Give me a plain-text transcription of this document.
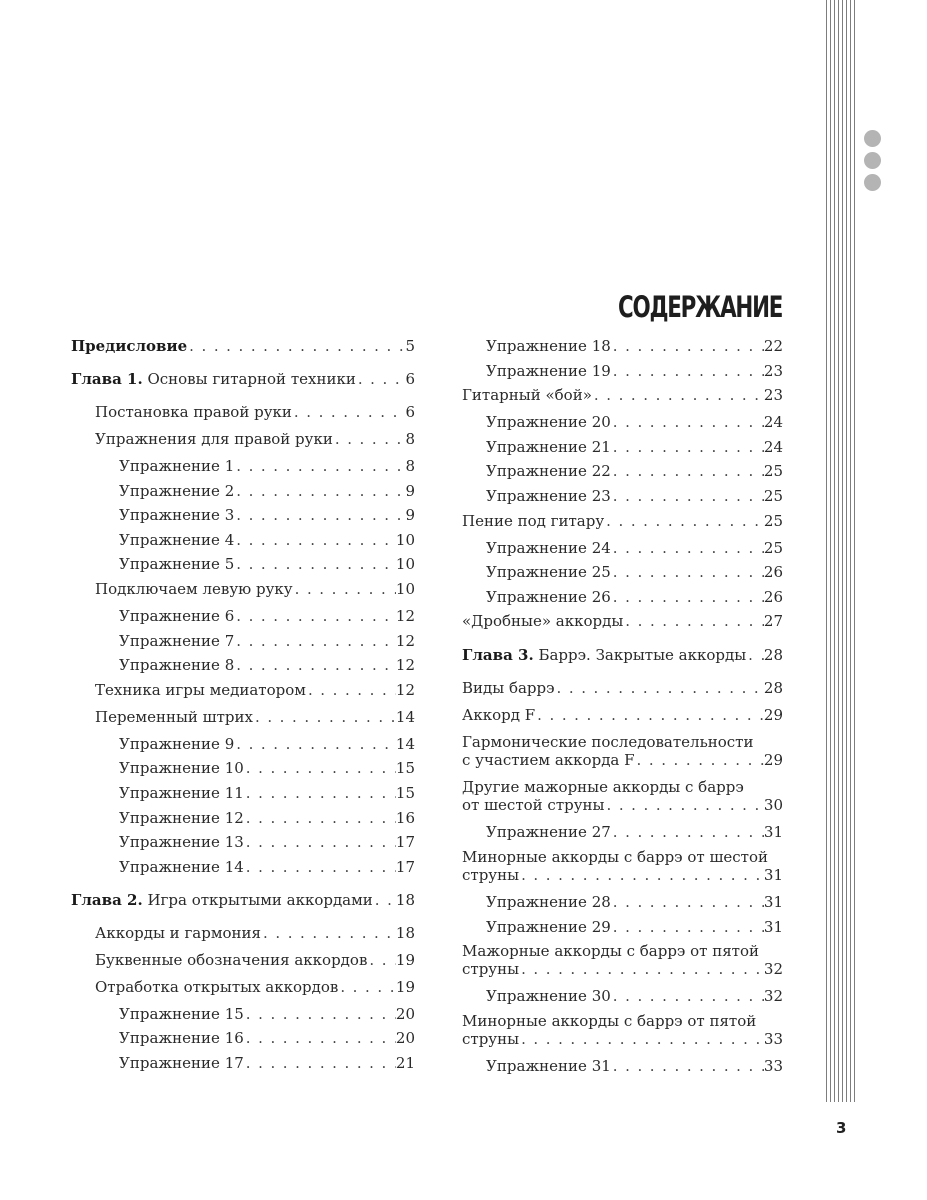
СОДЕРЖАНИЕ
Предисловие . . .	5
Глава 1. Основы гитарной техники . . .	6
Постановка правой руки . . .	6
Упражнения для правой руки . . .	8
Упражнение 1 . . .	8
Упражнение 2 . . .	9
Упражнение 3 . . .	9
Упражнение 4 . . .	10
Упражнение 5 . . .	10
Подключаем левую руку . . .	10
Упражнение 6 . . .	12
Упражнение 7 . . .	12
Упражнение 8 . . .	12
Техника игры медиатором . . .	12
Переменный штрих . . .	14
Упражнение 9 . . .	14
Упражнение 10 . . .	15
Упражнение 11 . . .	15
Упражнение 12 . . .	16
Упражнение 13 . . .	17
Упражнение 14 . . .	17
Глава 2. Игра открытыми аккордами . . . 18
Аккорды и гармония . . .	18
Буквенные обозначения аккордов . . . 19
Отработка открытых аккордов . . .	19
Упражнение 15 . . .	20
Упражнение 16 . . .	20
Упражнение 17 . . .	21
Упражнение 18 . . .	22
Упражнение 19 . . .	23
Гитарный «бой» . . .	23
Упражнение 20 . . .	24
Упражнение 21 . . .	24
Упражнение 22 . . .	25
Упражнение 23 . . .	25
Пение под гитару . . .	25
Упражнение 24 . . .	25
Упражнение 25 . . .	26
Упражнение 26 . . .	26
«Дробные» аккорды . . .	27
Глава 3. Баррэ. Закрытые аккорды . . . 28
Виды баррэ . . .	28
Аккорд F . . .	29
Гармонические последовательности
с участием аккорда F . . .	29
Другие мажорные аккорды с баррэ
от шестой струны . . .	30
Упражнение 27 . . .	31
Минорные аккорды с баррэ от шестой
струны . . .	31
Упражнение 28 . . .	31
Упражнение 29 . . .	31
Мажорные аккорды с баррэ от пятой
струны . . .	32
Упражнение 30 . . .	32
Минорные аккорды с баррэ от пятой
струны . . .	33
Упражнение 31 . . .	33
3
